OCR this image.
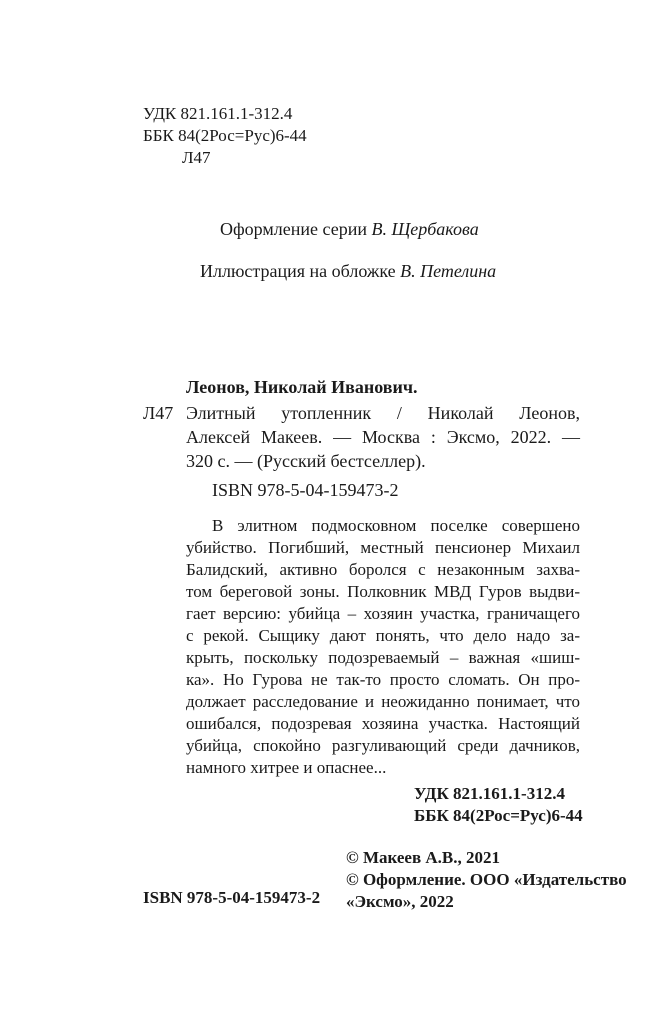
УДК 821.161.1-312.4
ББК 84(2Рос=Рус)6-44
Л47
Оформление серии В. Щербакова
Иллюстрация на обложке В. Петелина
Леонов, Николай Иванович.
Л47 Элитный утопленник / Николай Леонов,
Алексей Макеев. — Москва : Эксмо, 2022. —
320 с. — (Русский бестселлер).
ISBN 978-5-04-159473-2
В элитном подмосковном поселке совершено
убийство. Погибший, местный пенсионер Михаил
Балидский, активно боролся с незаконным захва-
том береговой зоны. Полковник МВД Гуров выдви-
гает версию: убийца – хозяин участка, граничащего
с рекой. Сыщику дают понять, что дело надо за-
крыть, поскольку подозреваемый – важная «шиш-
ка». Но Гурова не так-то просто сломать. Он про-
должает расследование и неожиданно понимает, что
ошибался, подозревая хозяина участка. Настоящий
убийца, спокойно разгуливающий среди дачников,
намного хитрее и опаснее...
УДК 821.161.1-312.4
ББК 84(2Рос=Рус)6-44
© Макеев А.В., 2021
© Оформление. ООО «Издательство
ISBN 978-5-04-159473-2 «Эксмо», 2022
